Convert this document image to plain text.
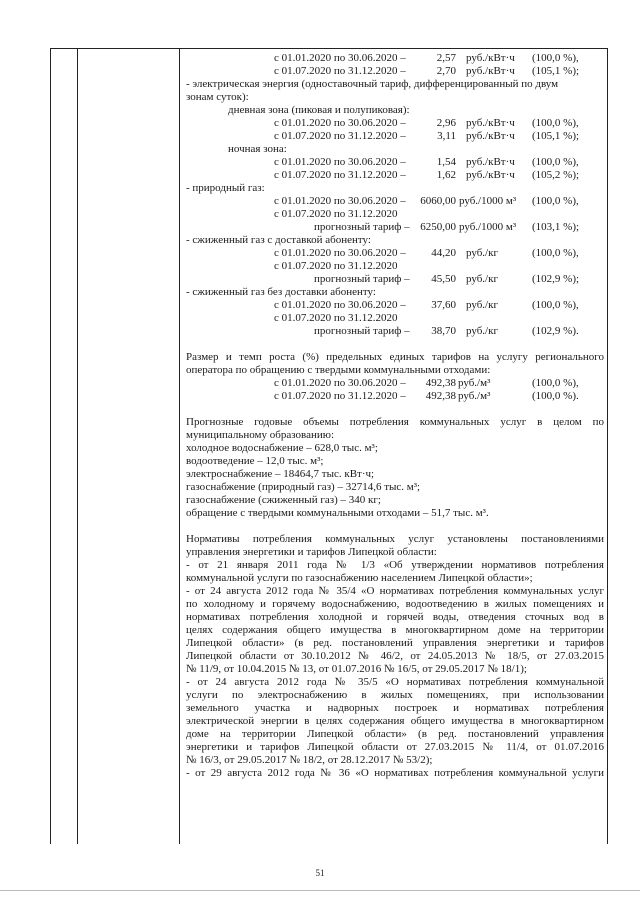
с 01.01.2020 по 30.06.2020 –	2,57 руб./кВт·ч (100,0 %),
с 01.07.2020 по 31.12.2020 –	2,70 руб./кВт·ч (105,1 %);
- электрическая энергия (одноставочный тариф, дифференцированный по двум
зонам суток):
дневная зона (пиковая и полупиковая):
с 01.01.2020 по 30.06.2020 –	2,96 руб./кВт·ч (100,0 %),
с 01.07.2020 по 31.12.2020 –	3,11 руб./кВт·ч (105,1 %);
ночная зона:
с 01.01.2020 по 30.06.2020 –	1,54 руб./кВт·ч (100,0 %),
с 01.07.2020 по 31.12.2020 –	1,62 руб./кВт·ч (105,2 %);
- природный газ:
с 01.01.2020 по 30.06.2020 –	6060,00 руб./1000 м³ (100,0 %),
с 01.07.2020 по 31.12.2020
прогнозный тариф – 6250,00 руб./1000 м³ (103,1 %);
- сжиженный газ с доставкой абоненту:
с 01.01.2020 по 30.06.2020 –	44,20 руб./кг	(100,0 %),
с 01.07.2020 по 31.12.2020
прогнозный тариф –	45,50 руб./кг	(102,9 %);
- сжиженный газ без доставки абоненту:
с 01.01.2020 по 30.06.2020 –	37,60 руб./кг	(100,0 %),
с 01.07.2020 по 31.12.2020
прогнозный тариф –	38,70 руб./кг	(102,9 %).
Размер и темп роста (%) предельных единых тарифов на услугу регионального
оператора по обращению с твердыми коммунальными отходами:
с 01.01.2020 по 30.06.2020 –	492,38 руб./м³	(100,0 %),
с 01.07.2020 по 31.12.2020 –	492,38 руб./м³	(100,0 %).
Прогнозные годовые объемы потребления коммунальных услуг в целом по
муниципальному образованию:
холодное водоснабжение – 628,0 тыс. м³;
водоотведение – 12,0 тыс. м³;
электроснабжение – 18464,7 тыс. кВт·ч;
газоснабжение (природный газ) – 32714,6 тыс. м³;
газоснабжение (сжиженный газ) – 340 кг;
обращение с твердыми коммунальными отходами – 51,7 тыс. м³.
Нормативы потребления коммунальных услуг установлены постановлениями
управления энергетики и тарифов Липецкой области:
- от 21 января 2011 года № 1/3 «Об утверждении нормативов потребления
коммунальной услуги по газоснабжению населением Липецкой области»;
- от 24 августа 2012 года № 35/4 «О нормативах потребления коммунальных услуг
по холодному и горячему водоснабжению, водоотведению в жилых помещениях и
нормативах потребления холодной и горячей воды, отведения сточных вод в
целях содержания общего имущества в многоквартирном доме на территории
Липецкой области» (в ред. постановлений управления энергетики и тарифов
Липецкой области от 30.10.2012 № 46/2, от 24.05.2013 № 18/5, от 27.03.2015
№ 11/9, от 10.04.2015 № 13, от 01.07.2016 № 16/5, от 29.05.2017 № 18/1);
- от 24 августа 2012 года № 35/5 «О нормативах потребления коммунальной
услуги по электроснабжению в жилых помещениях, при использовании
земельного участка и надворных построек и нормативах потребления
электрической энергии в целях содержания общего имущества в многоквартирном
доме на территории Липецкой области» (в ред. постановлений управления
энергетики и тарифов Липецкой области от 27.03.2015 № 11/4, от 01.07.2016
№ 16/3, от 29.05.2017 № 18/2, от 28.12.2017 № 53/2);
- от 29 августа 2012 года № 36 «О нормативах потребления коммунальной услуги
51
